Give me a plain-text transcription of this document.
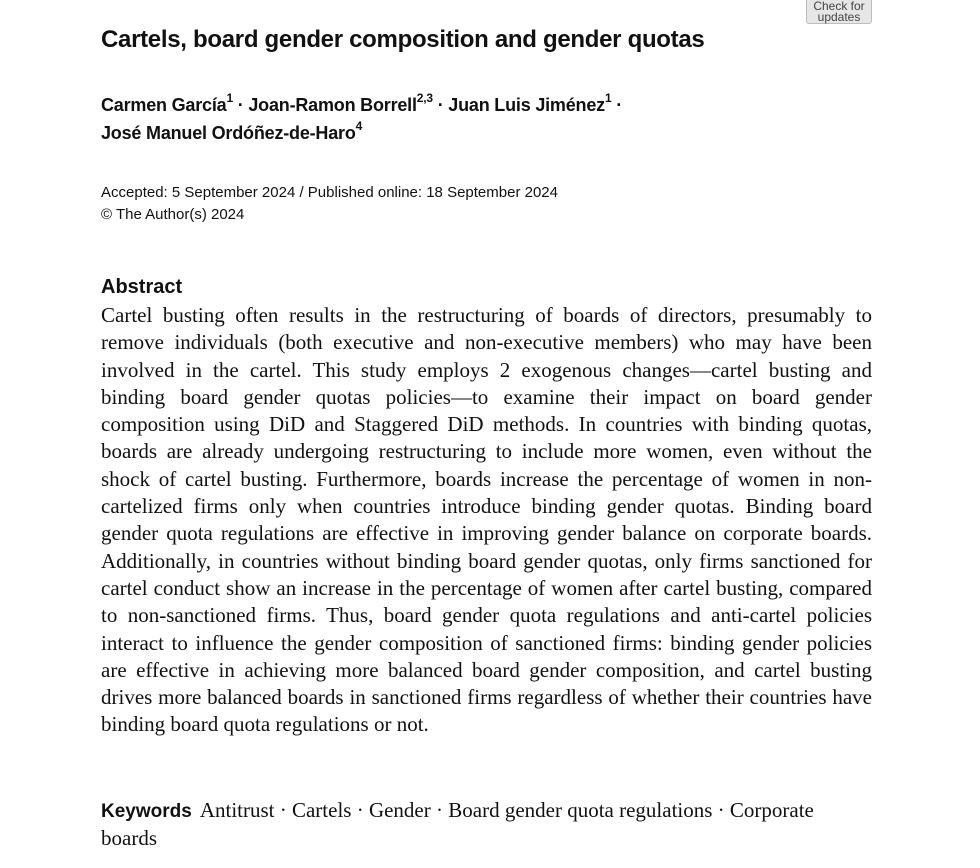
Check for
updates
Cartels, board gender composition and gender quotas
Carmen García$^1$ · Joan-Ramon Borrell$^{2,3}$ · Juan Luis Jiménez$^1$ ·
José Manuel Ordóñez-de-Haro$^4$
Accepted: 5 September 2024 / Published online: 18 September 2024
© The Author(s) 2024
Abstract

Cartel busting often results in the restructuring of boards of directors, presumably to remove individuals (both executive and non-executive members) who may have been involved in the cartel. This study employs 2 exogenous changes—cartel busting and binding board gender quotas policies—to examine their impact on board gender composition using DiD and Staggered DiD methods. In countries with binding quotas, boards are already undergoing restructuring to include more women, even without the shock of cartel busting. Furthermore, boards increase the percentage of women in non-cartelized firms only when countries introduce binding gender quotas. Binding board gender quota regulations are effective in improving gender balance on corporate boards. Additionally, in countries without binding board gender quotas, only firms sanctioned for cartel conduct show an increase in the percentage of women after cartel busting, compared to non-sanctioned firms. Thus, board gender quota regulations and anti-cartel policies interact to influence the gender composition of sanctioned firms: binding gender policies are effective in achieving more balanced board gender composition, and cartel busting drives more balanced boards in sanctioned firms regardless of whether their countries have binding board quota regulations or not.

Keywords Antitrust · Cartels · Gender · Board gender quota regulations · Corporate boards
